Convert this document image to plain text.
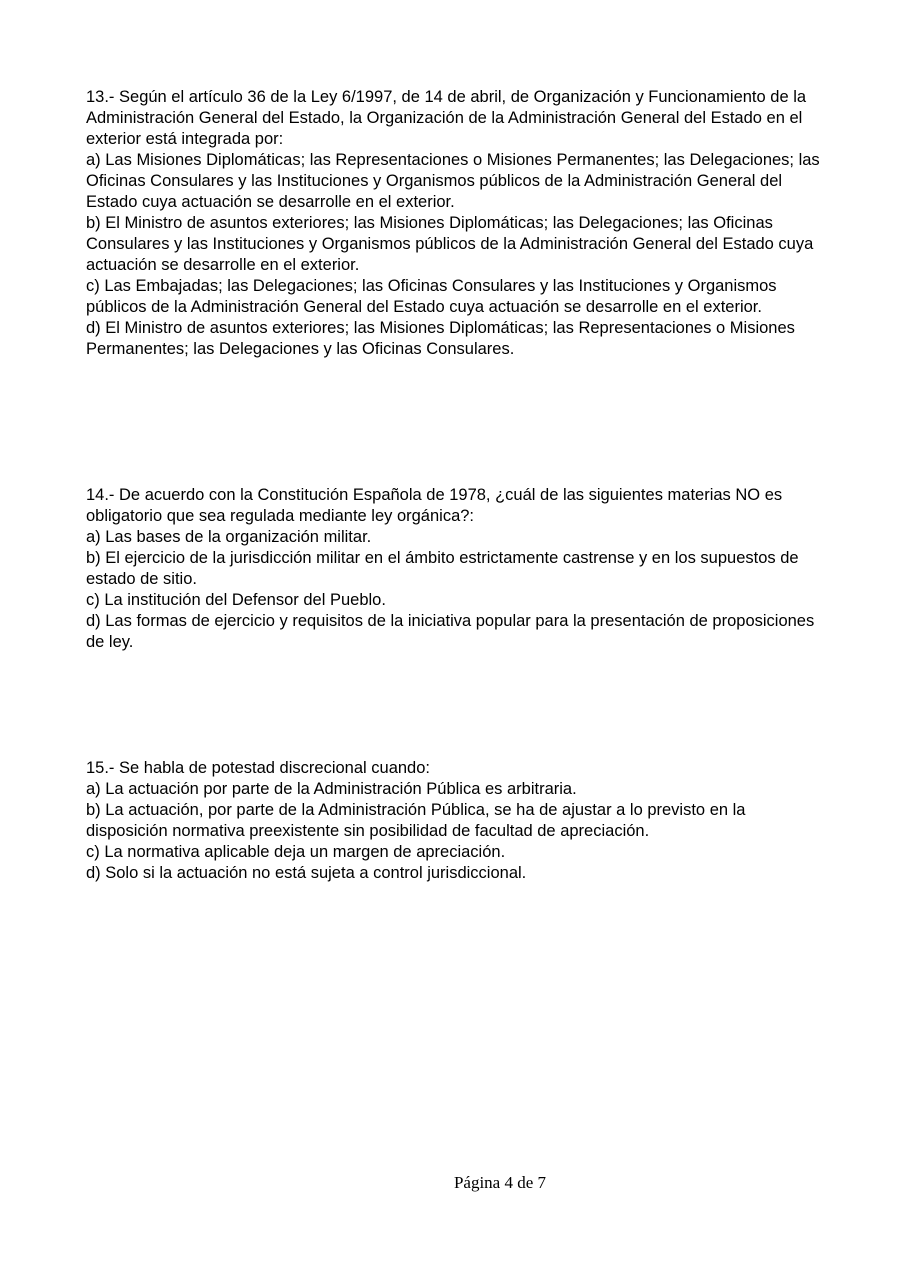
13.- Según el artículo 36 de la Ley 6/1997, de 14 de abril, de Organización y Funcionamiento de la Administración General del Estado, la Organización de la Administración General del Estado en el exterior está integrada por:

a) Las Misiones Diplomáticas; las Representaciones o Misiones Permanentes; las Delegaciones; las Oficinas Consulares y las Instituciones y Organismos públicos de la Administración General del Estado cuya actuación se desarrolle en el exterior.

b) El Ministro de asuntos exteriores; las Misiones Diplomáticas; las Delegaciones; las Oficinas Consulares y las Instituciones y Organismos públicos de la Administración General del Estado cuya actuación se desarrolle en el exterior.

c) Las Embajadas; las Delegaciones; las Oficinas Consulares y las Instituciones y Organismos públicos de la Administración General del Estado cuya actuación se desarrolle en el exterior.

d) El Ministro de asuntos exteriores; las Misiones Diplomáticas; las Representaciones o Misiones Permanentes; las Delegaciones y las Oficinas Consulares.

14.- De acuerdo con la Constitución Española de 1978, ¿cuál de las siguientes materias NO es obligatorio que sea regulada mediante ley orgánica?:

a) Las bases de la organización militar.

b) El ejercicio de la jurisdicción militar en el ámbito estrictamente castrense y en los supuestos de estado de sitio.

c) La institución del Defensor del Pueblo.

d) Las formas de ejercicio y requisitos de la iniciativa popular para la presentación de proposiciones de ley.

15.- Se habla de potestad discrecional cuando:

a) La actuación por parte de la Administración Pública es arbitraria.

b) La actuación, por parte de la Administración Pública, se ha de ajustar a lo previsto en la disposición normativa preexistente sin posibilidad de facultad de apreciación.

c) La normativa aplicable deja un margen de apreciación.

d) Solo si la actuación no está sujeta a control jurisdiccional.

Página 4 de 7
